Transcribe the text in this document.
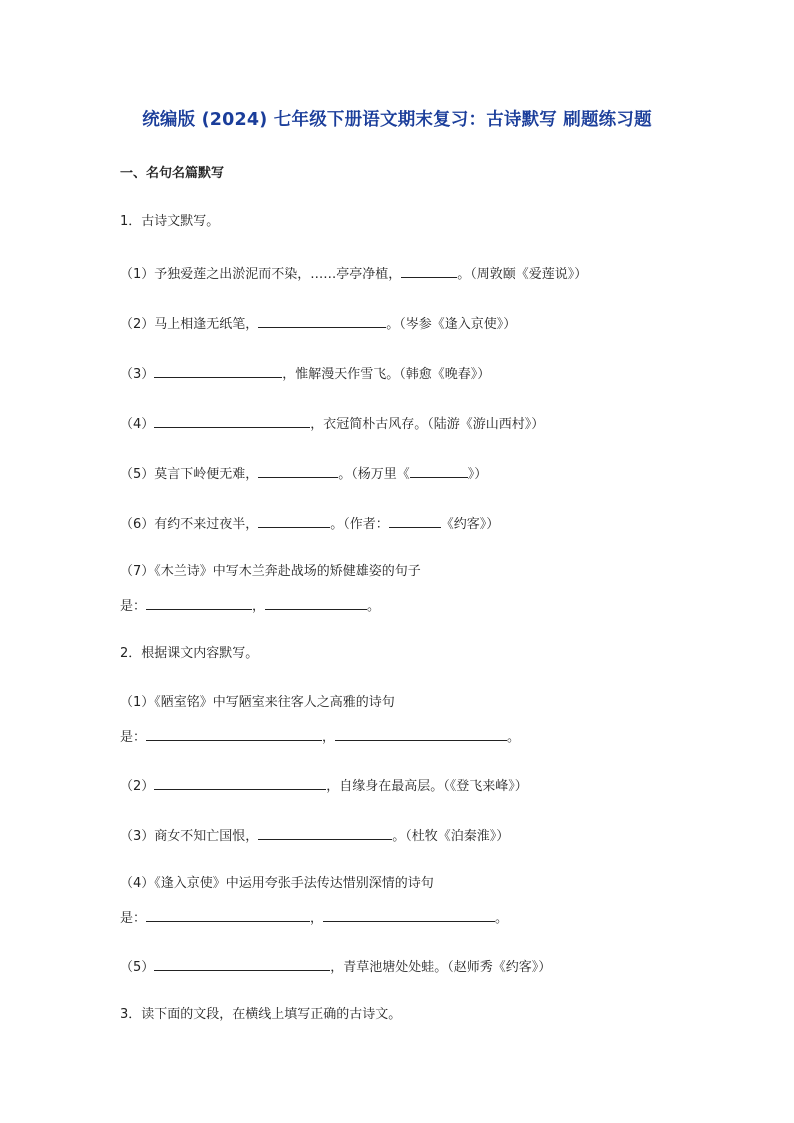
统编版 (2024) 七年级下册语文期末复习：古诗默写 刷题练习题
一、名句名篇默写
1．古诗文默写。
（1）予独爱莲之出淤泥而不染，……亭亭净植，	。（周敦颐《爱莲说》）
（2）马上相逢无纸笔，	。（岑参《逢入京使》）
（3）	，惟解漫天作雪飞。（韩愈《晚春》）
（4）	，衣冠简朴古风存。（陆游《游山西村》）
（5）莫言下岭便无难，	。（杨万里《	》）
（6）有约不来过夜半，	。（作者：	《约客》）
（7）《木兰诗》中写木兰奔赴战场的矫健雄姿的句子
是：	，	。
2．根据课文内容默写。
（1）《陋室铭》中写陋室来往客人之高雅的诗句
是：	，	。
（2）	，自缘身在最高层。（《登飞来峰》）
（3）商女不知亡国恨，	。（杜牧《泊秦淮》）
（4）《逢入京使》中运用夸张手法传达惜别深情的诗句
是：	，	。
（5）	，青草池塘处处蛙。（赵师秀《约客》）
3．读下面的文段，在横线上填写正确的古诗文。
